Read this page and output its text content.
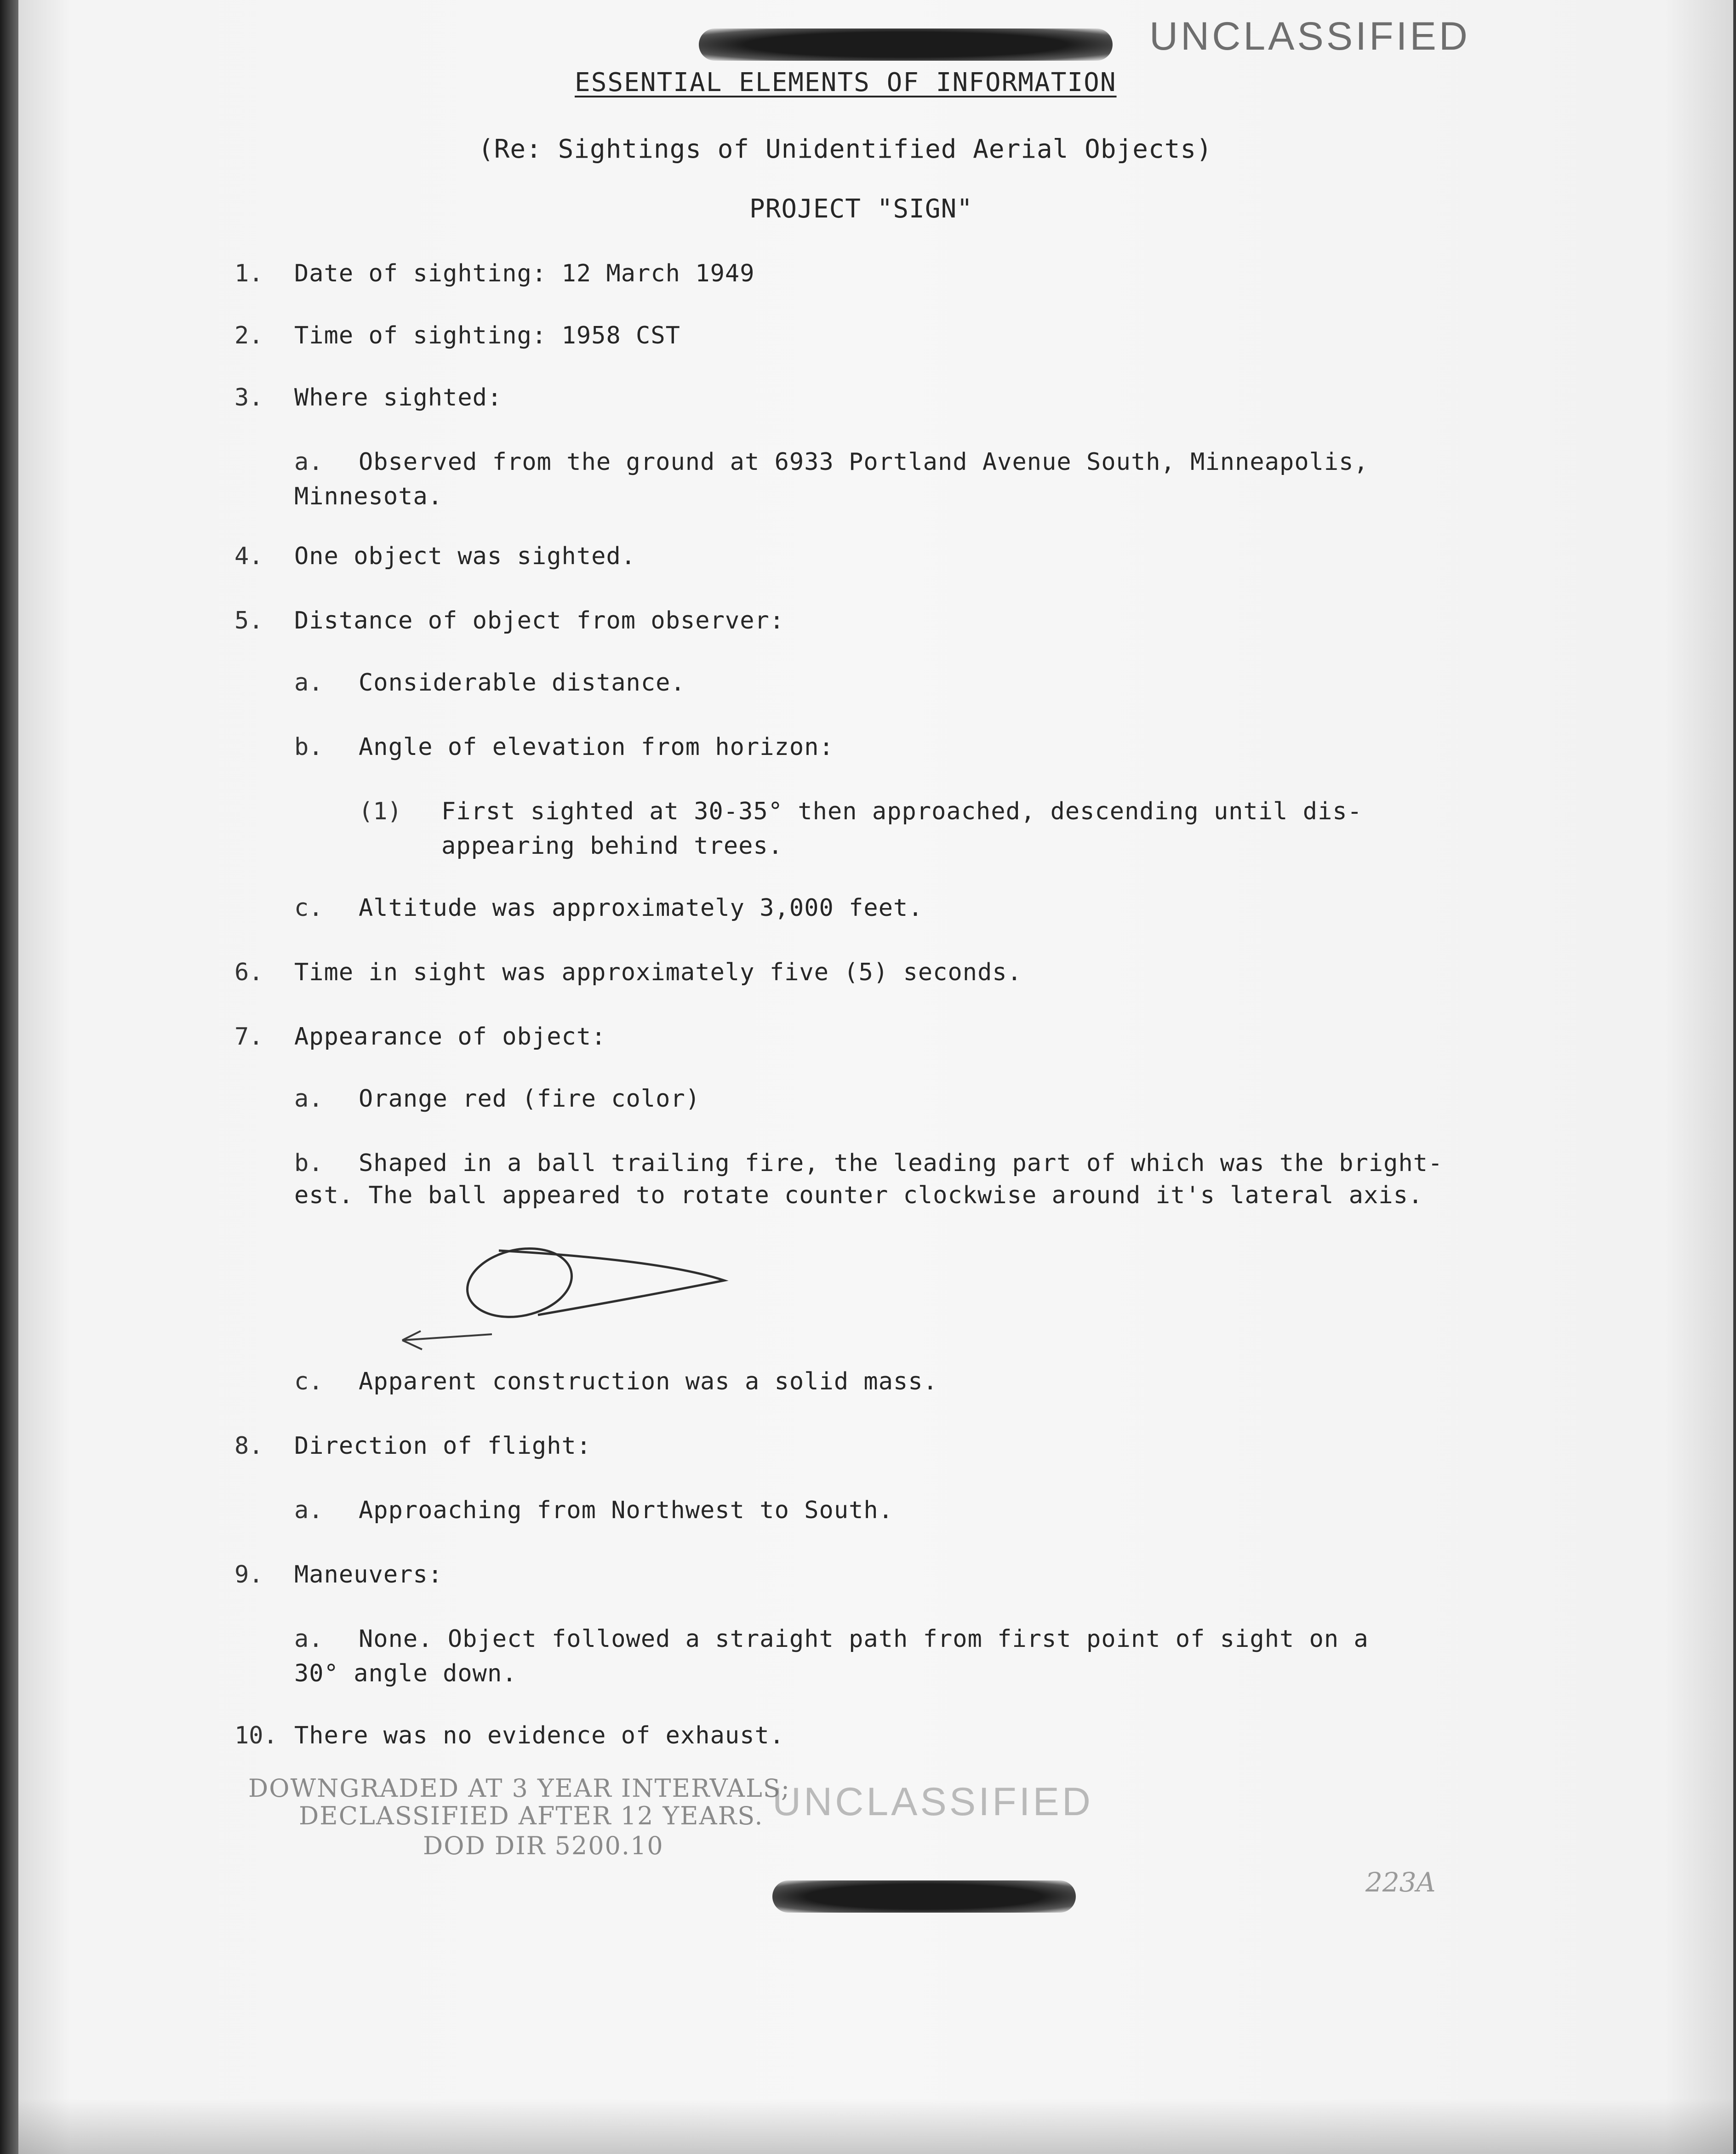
UNCLASSIFIED
ESSENTIAL ELEMENTS OF INFORMATION
(Re: Sightings of Unidentified Aerial Objects)
PROJECT "SIGN"
1. Date of sighting: 12 March 1949
2. Time of sighting: 1958 CST
3. Where sighted:
a. Observed from the ground at 6933 Portland Avenue South, Minneapolis,
Minnesota.
4. One object was sighted.
5. Distance of object from observer:
a. Considerable distance.
b. Angle of elevation from horizon:
(1) First sighted at 30-35° then approached, descending until dis-
appearing behind trees.
c. Altitude was approximately 3,000 feet.
6. Time in sight was approximately five (5) seconds.
7. Appearance of object:
a. Orange red (fire color)
b. Shaped in a ball trailing fire, the leading part of which was the bright-
est. The ball appeared to rotate counter clockwise around it's lateral axis.
c. Apparent construction was a solid mass.
8. Direction of flight:
a. Approaching from Northwest to South.
9. Maneuvers:
a. None. Object followed a straight path from first point of sight on a
30° angle down.
10. There was no evidence of exhaust.
DOWNGRADED AT 3 YEAR INTERVALS;
DECLASSIFIED AFTER 12 YEARS.
DOD DIR 5200.10
UNCLASSIFIED
223A
